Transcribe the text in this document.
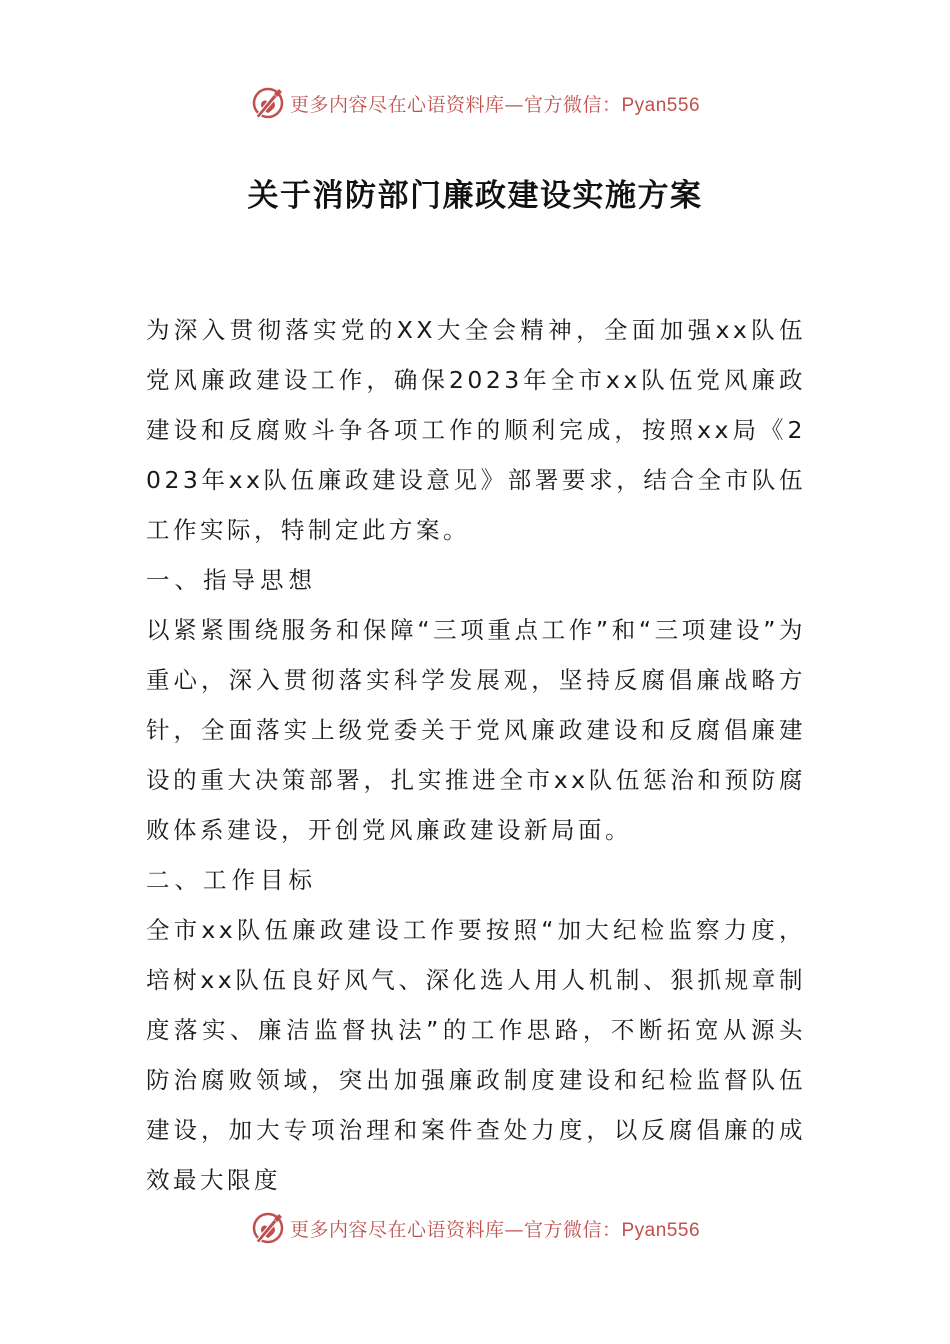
更多内容尽在心语资料库—官方微信：Pyan556
关于消防部门廉政建设实施方案

为深入贯彻落实党的XX大全会精神，全面加强xx队伍党风廉政建设工作，确保2023年全市xx队伍党风廉政建设和反腐败斗争各项工作的顺利完成，按照xx局《2023年xx队伍廉政建设意见》部署要求，结合全市队伍工作实际，特制定此方案。

一、指导思想

以紧紧围绕服务和保障“三项重点工作”和“三项建设”为重心，深入贯彻落实科学发展观，坚持反腐倡廉战略方针，全面落实上级党委关于党风廉政建设和反腐倡廉建设的重大决策部署，扎实推进全市xx队伍惩治和预防腐败体系建设，开创党风廉政建设新局面。

二、工作目标

全市xx队伍廉政建设工作要按照“加大纪检监察力度，培树xx队伍良好风气、深化选人用人机制、狠抓规章制度落实、廉洁监督执法”的工作思路，不断拓宽从源头防治腐败领域，突出加强廉政制度建设和纪检监督队伍建设，加大专项治理和案件查处力度，以反腐倡廉的成效最大限度

更多内容尽在心语资料库—官方微信：Pyan556
